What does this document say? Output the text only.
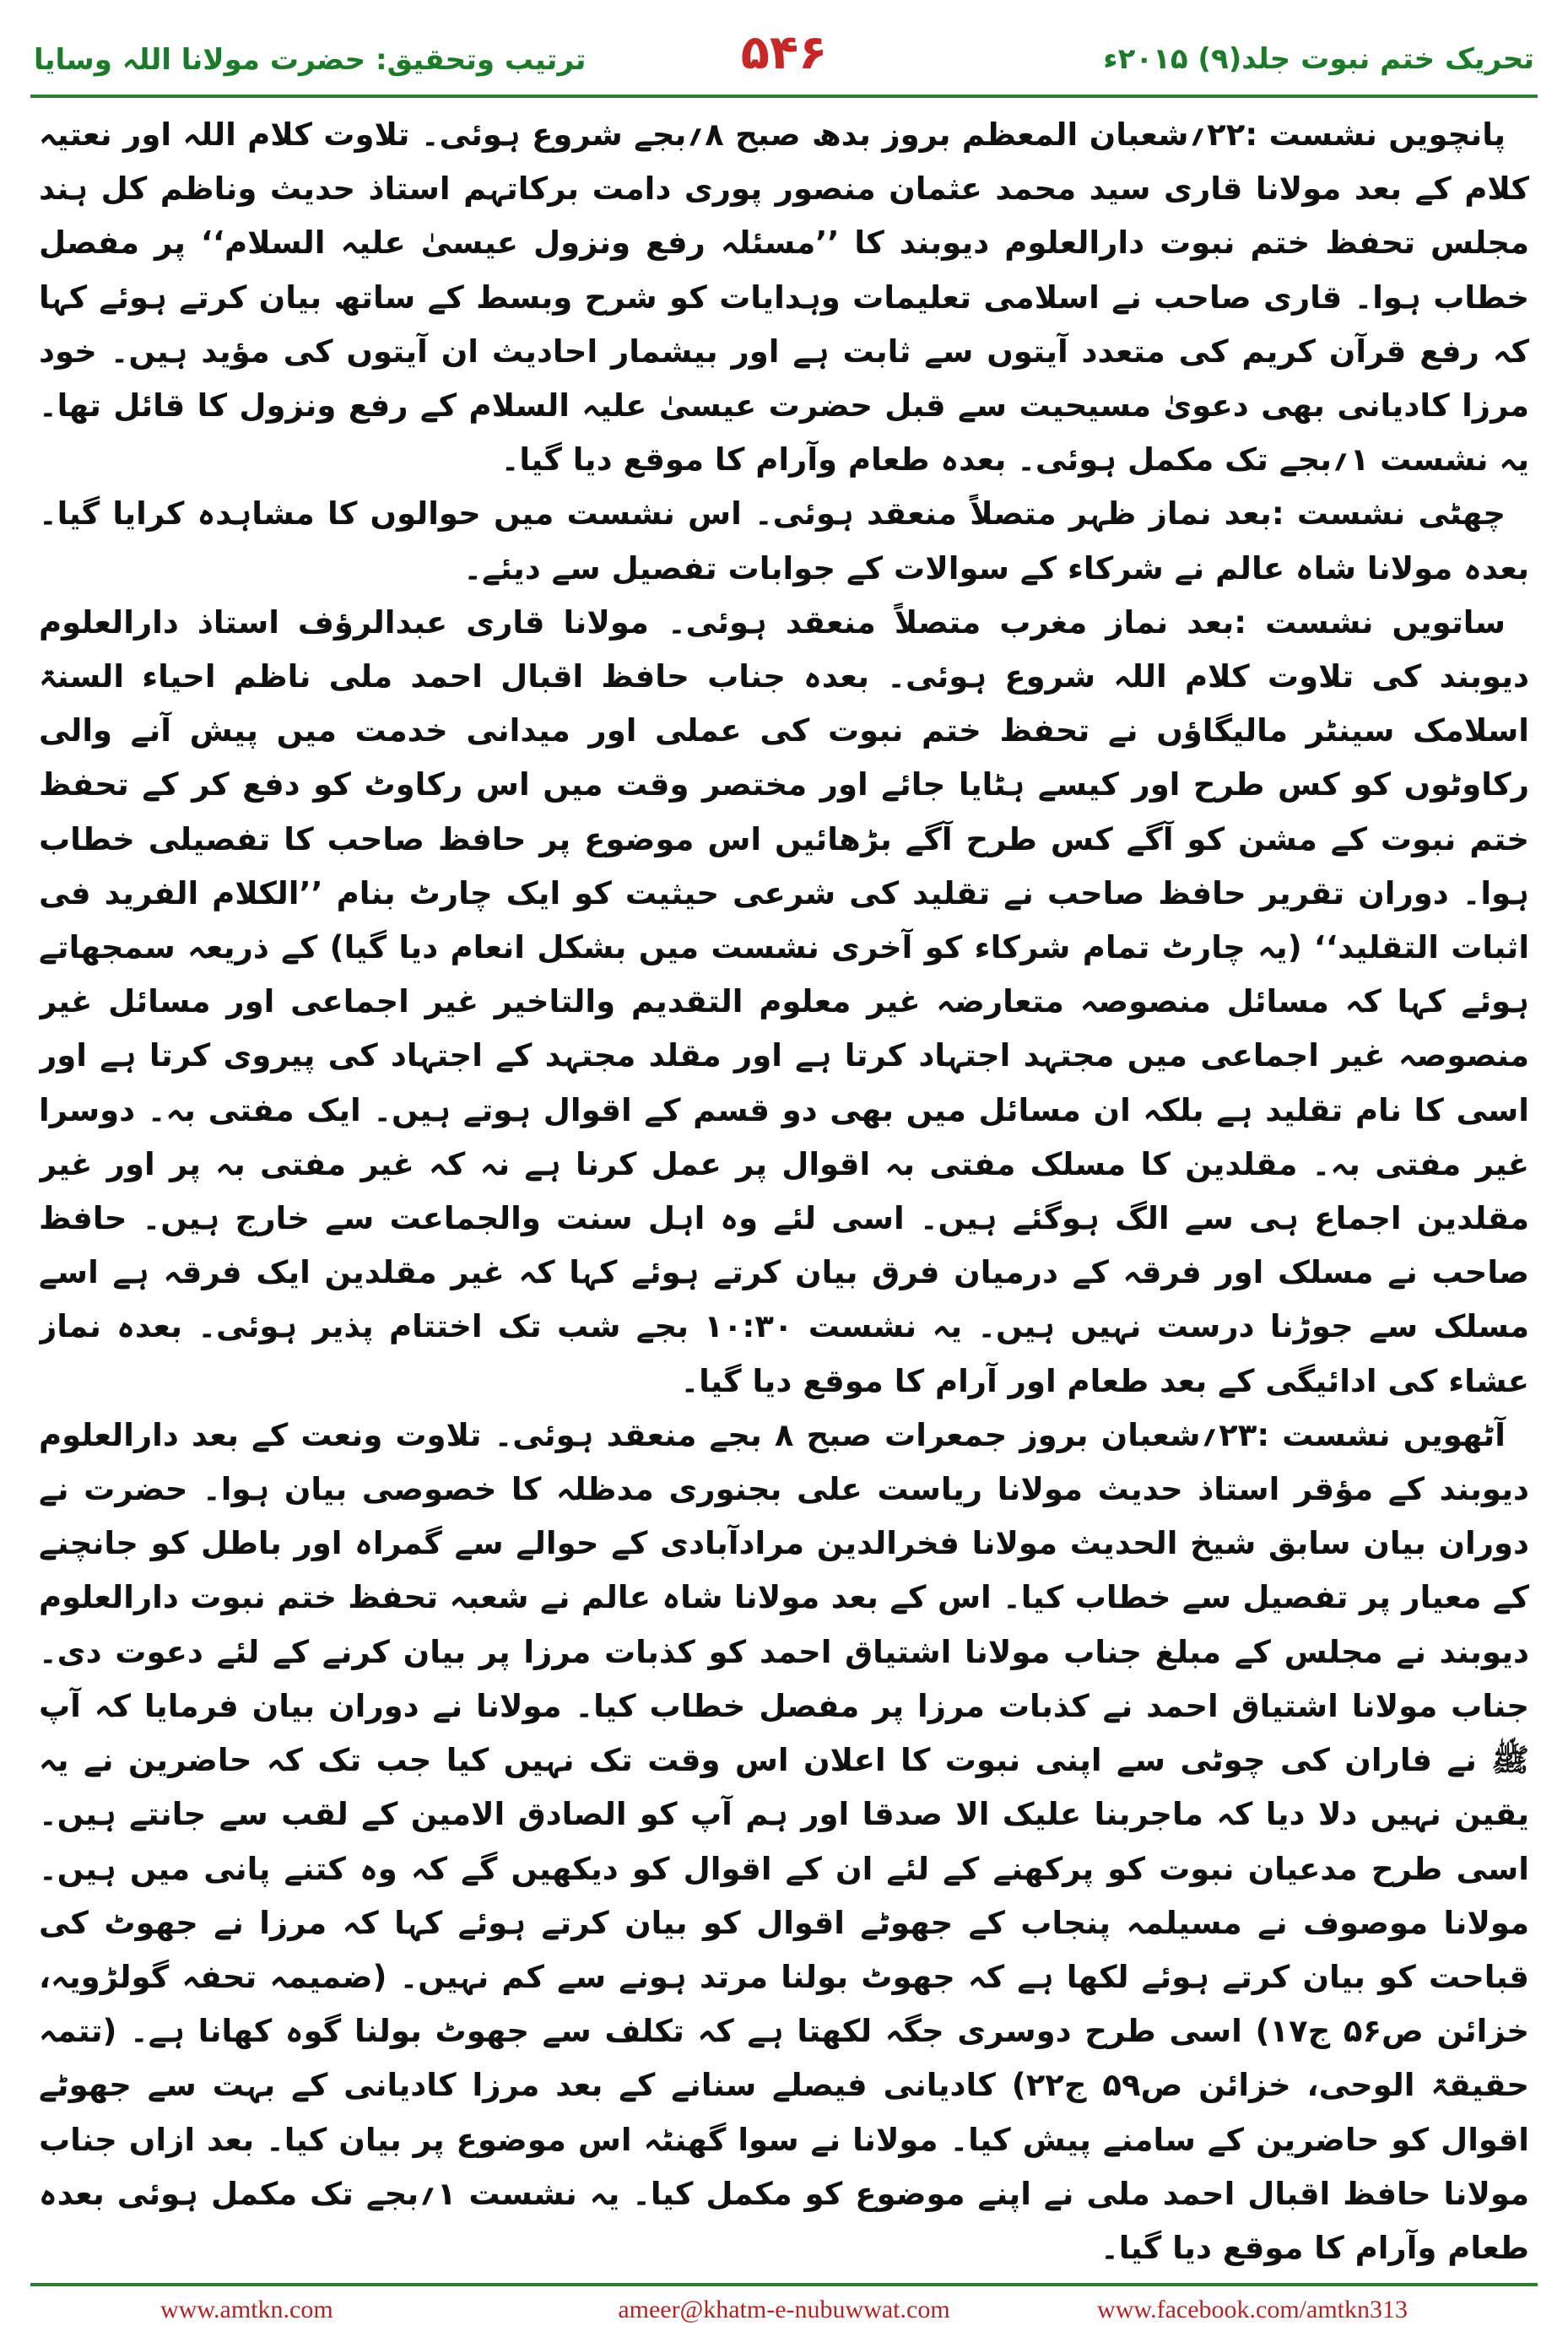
ترتیب وتحقیق: حضرت مولانا اللہ وسایا	۵۴۶	تحریک ختم نبوت جلد(۹) ۲۰۱۵ء

پانچویں نشست :۲۲؍شعبان المعظم بروز بدھ صبح ۸؍بجے شروع ہوئی۔ تلاوت کلام اللہ اور نعتیہ کلام کے بعد مولانا قاری سید محمد عثمان منصور پوری دامت برکاتہم استاذ حدیث وناظم کل ہند مجلس تحفظ ختم نبوت دارالعلوم دیوبند کا ’’مسئلہ رفع ونزول عیسیٰ علیہ السلام‘‘ پر مفصل خطاب ہوا۔ قاری صاحب نے اسلامی تعلیمات وہدایات کو شرح وبسط کے ساتھ بیان کرتے ہوئے کہا کہ رفع قرآن کریم کی متعدد آیتوں سے ثابت ہے اور بیشمار احادیث ان آیتوں کی مؤید ہیں۔ خود مرزا کادیانی بھی دعویٰ مسیحیت سے قبل حضرت عیسیٰ علیہ السلام کے رفع ونزول کا قائل تھا۔ یہ نشست ۱؍بجے تک مکمل ہوئی۔ بعدہ طعام وآرام کا موقع دیا گیا۔

چھٹی نشست :بعد نماز ظہر متصلاً منعقد ہوئی۔ اس نشست میں حوالوں کا مشاہدہ کرایا گیا۔ بعدہ مولانا شاہ عالم نے شرکاء کے سوالات کے جوابات تفصیل سے دیئے۔

ساتویں نشست :بعد نماز مغرب متصلاً منعقد ہوئی۔ مولانا قاری عبدالرؤف استاذ دارالعلوم دیوبند کی تلاوت کلام اللہ شروع ہوئی۔ بعدہ جناب حافظ اقبال احمد ملی ناظم احیاء السنۃ اسلامک سینٹر مالیگاؤں نے تحفظ ختم نبوت کی عملی اور میدانی خدمت میں پیش آنے والی رکاوٹوں کو کس طرح اور کیسے ہٹایا جائے اور مختصر وقت میں اس رکاوٹ کو دفع کر کے تحفظ ختم نبوت کے مشن کو آگے کس طرح آگے بڑھائیں اس موضوع پر حافظ صاحب کا تفصیلی خطاب ہوا۔ دوران تقریر حافظ صاحب نے تقلید کی شرعی حیثیت کو ایک چارٹ بنام ’’الکلام الفرید فی اثبات التقلید‘‘ (یہ چارٹ تمام شرکاء کو آخری نشست میں بشکل انعام دیا گیا) کے ذریعہ سمجھاتے ہوئے کہا کہ مسائل منصوصہ متعارضہ غیر معلوم التقدیم والتاخیر غیر اجماعی اور مسائل غیر منصوصہ غیر اجماعی میں مجتہد اجتہاد کرتا ہے اور مقلد مجتہد کے اجتہاد کی پیروی کرتا ہے اور اسی کا نام تقلید ہے بلکہ ان مسائل میں بھی دو قسم کے اقوال ہوتے ہیں۔ ایک مفتی بہ۔ دوسرا غیر مفتی بہ۔ مقلدین کا مسلک مفتی بہ اقوال پر عمل کرنا ہے نہ کہ غیر مفتی بہ پر اور غیر مقلدین اجماع ہی سے الگ ہوگئے ہیں۔ اسی لئے وہ اہل سنت والجماعت سے خارج ہیں۔ حافظ صاحب نے مسلک اور فرقہ کے درمیان فرق بیان کرتے ہوئے کہا کہ غیر مقلدین ایک فرقہ ہے اسے مسلک سے جوڑنا درست نہیں ہیں۔ یہ نشست ۱۰:۳۰ بجے شب تک اختتام پذیر ہوئی۔ بعدہ نماز عشاء کی ادائیگی کے بعد طعام اور آرام کا موقع دیا گیا۔

آٹھویں نشست :۲۳؍شعبان بروز جمعرات صبح ۸ بجے منعقد ہوئی۔ تلاوت ونعت کے بعد دارالعلوم دیوبند کے مؤقر استاذ حدیث مولانا ریاست علی بجنوری مدظلہ کا خصوصی بیان ہوا۔ حضرت نے دوران بیان سابق شیخ الحدیث مولانا فخرالدین مرادآبادی کے حوالے سے گمراہ اور باطل کو جانچنے کے معیار پر تفصیل سے خطاب کیا۔ اس کے بعد مولانا شاہ عالم نے شعبہ تحفظ ختم نبوت دارالعلوم دیوبند نے مجلس کے مبلغ جناب مولانا اشتیاق احمد کو کذبات مرزا پر بیان کرنے کے لئے دعوت دی۔ جناب مولانا اشتیاق احمد نے کذبات مرزا پر مفصل خطاب کیا۔ مولانا نے دوران بیان فرمایا کہ آپ ﷺ نے فاران کی چوٹی سے اپنی نبوت کا اعلان اس وقت تک نہیں کیا جب تک کہ حاضرین نے یہ یقین نہیں دلا دیا کہ ماجربنا علیک الا صدقا اور ہم آپ کو الصادق الامین کے لقب سے جانتے ہیں۔ اسی طرح مدعیان نبوت کو پرکھنے کے لئے ان کے اقوال کو دیکھیں گے کہ وہ کتنے پانی میں ہیں۔ مولانا موصوف نے مسیلمہ پنجاب کے جھوٹے اقوال کو بیان کرتے ہوئے کہا کہ مرزا نے جھوٹ کی قباحت کو بیان کرتے ہوئے لکھا ہے کہ جھوٹ بولنا مرتد ہونے سے کم نہیں۔ (ضمیمہ تحفہ گولڑویہ، خزائن ص۵۶ ج۱۷) اسی طرح دوسری جگہ لکھتا ہے کہ تکلف سے جھوٹ بولنا گوہ کھانا ہے۔ (تتمہ حقیقۃ الوحی، خزائن ص۵۹ ج۲۲) کادیانی فیصلے سنانے کے بعد مرزا کادیانی کے بہت سے جھوٹے اقوال کو حاضرین کے سامنے پیش کیا۔ مولانا نے سوا گھنٹہ اس موضوع پر بیان کیا۔ بعد ازاں جناب مولانا حافظ اقبال احمد ملی نے اپنے موضوع کو مکمل کیا۔ یہ نشست ۱؍بجے تک مکمل ہوئی بعدہ طعام وآرام کا موقع دیا گیا۔

www.amtkn.com	ameer@khatm-e-nubuwwat.com	www.facebook.com/amtkn313
